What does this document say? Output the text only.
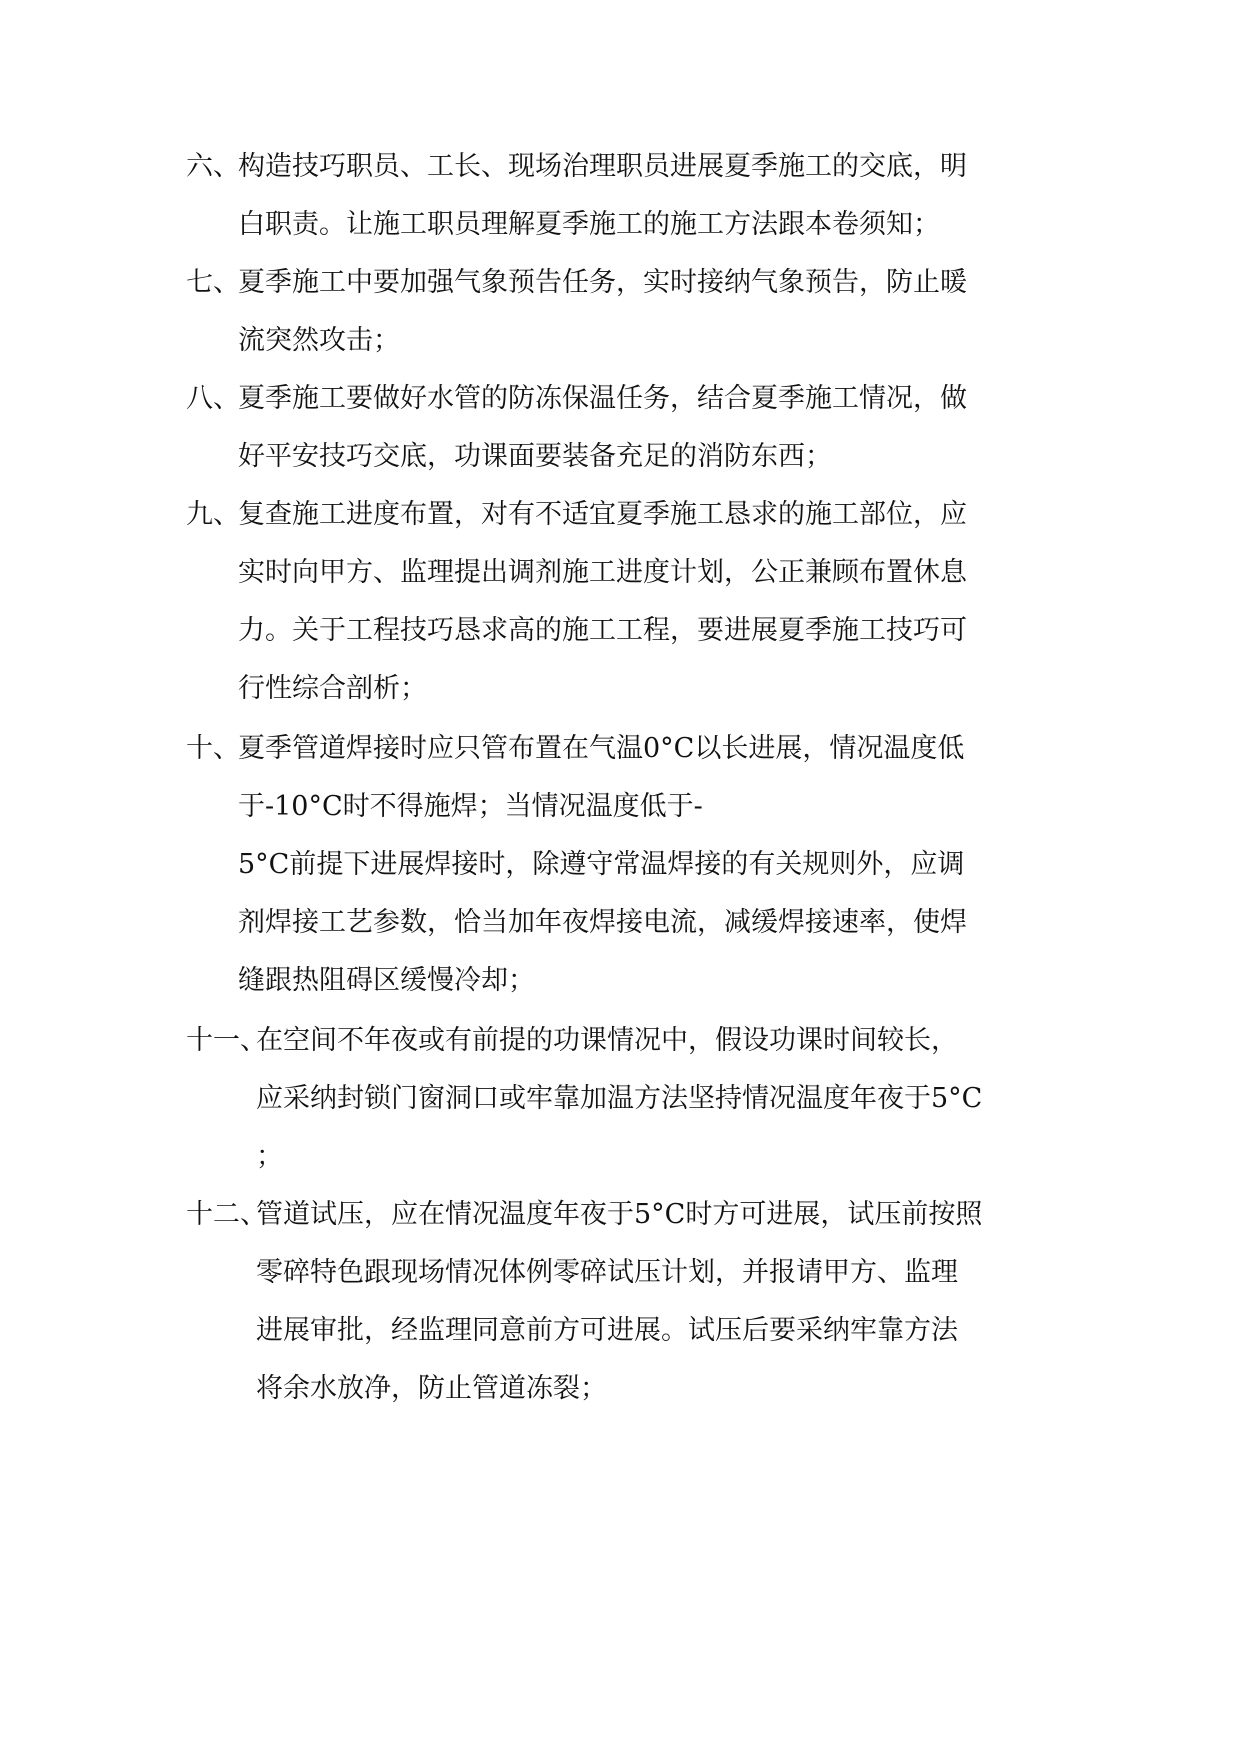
六、
构造技巧职员、工长、现场治理职员进展夏季施工的交底，明
白职责。让施工职员理解夏季施工的施工方法跟本卷须知；
七、
夏季施工中要加强气象预告任务，实时接纳气象预告，防止暖
流突然攻击；
八、
夏季施工要做好水管的防冻保温任务，结合夏季施工情况，做
好平安技巧交底，功课面要装备充足的消防东西；
九、
复查施工进度布置，对有不适宜夏季施工恳求的施工部位，应
实时向甲方、监理提出调剂施工进度计划，公正兼顾布置休息
力。关于工程技巧恳求高的施工工程，要进展夏季施工技巧可
行性综合剖析；
十、
夏季管道焊接时应只管布置在气温0°C以长进展，情况温度低
于-10°C时不得施焊；当情况温度低于-
5°C前提下进展焊接时，除遵守常温焊接的有关规则外，应调
剂焊接工艺参数，恰当加年夜焊接电流，减缓焊接速率，使焊
缝跟热阻碍区缓慢冷却；
十一、
在空间不年夜或有前提的功课情况中，假设功课时间较长，
应采纳封锁门窗洞口或牢靠加温方法坚持情况温度年夜于5°C
；
十二、
管道试压，应在情况温度年夜于5°C时方可进展，试压前按照
零碎特色跟现场情况体例零碎试压计划，并报请甲方、监理
进展审批，经监理同意前方可进展。试压后要采纳牢靠方法
将余水放净，防止管道冻裂；
